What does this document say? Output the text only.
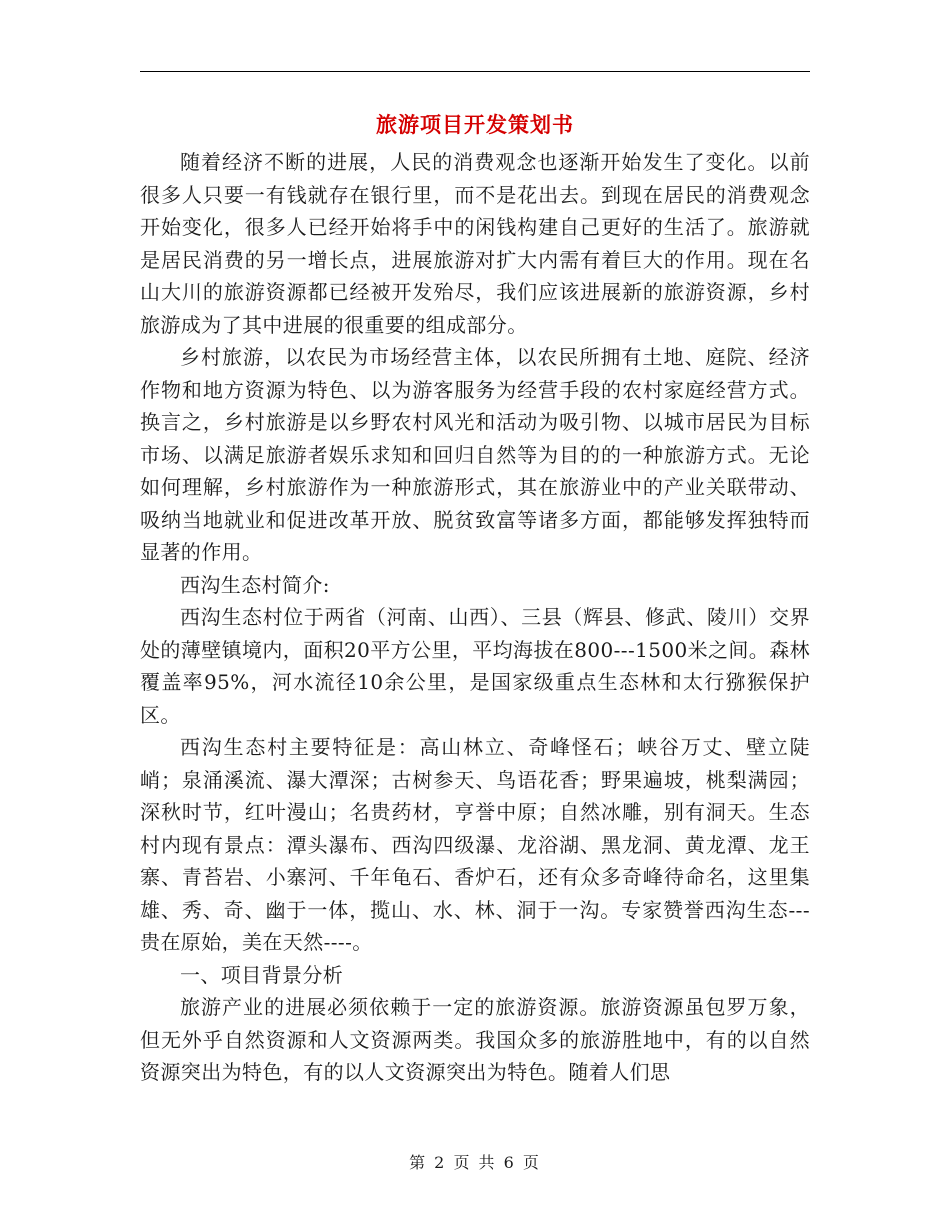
旅游项目开发策划书

随着经济不断的进展，人民的消费观念也逐渐开始发生了变化。以前很多人只要一有钱就存在银行里，而不是花出去。到现在居民的消费观念开始变化，很多人已经开始将手中的闲钱构建自己更好的生活了。旅游就是居民消费的另一增长点，进展旅游对扩大内需有着巨大的作用。现在名山大川的旅游资源都已经被开发殆尽，我们应该进展新的旅游资源，乡村旅游成为了其中进展的很重要的组成部分。

乡村旅游，以农民为市场经营主体，以农民所拥有土地、庭院、经济作物和地方资源为特色、以为游客服务为经营手段的农村家庭经营方式。换言之，乡村旅游是以乡野农村风光和活动为吸引物、以城市居民为目标市场、以满足旅游者娱乐求知和回归自然等为目的的一种旅游方式。无论如何理解，乡村旅游作为一种旅游形式，其在旅游业中的产业关联带动、吸纳当地就业和促进改革开放、脱贫致富等诸多方面，都能够发挥独特而显著的作用。

西沟生态村简介:

西沟生态村位于两省（河南、山西）、三县（辉县、修武、陵川）交界处的薄壁镇境内，面积20平方公里，平均海拔在800---1500米之间。森林覆盖率95%，河水流径10余公里，是国家级重点生态林和太行猕猴保护区。

西沟生态村主要特征是：高山林立、奇峰怪石；峡谷万丈、壁立陡峭；泉涌溪流、瀑大潭深；古树参天、鸟语花香；野果遍坡，桃梨满园；深秋时节，红叶漫山；名贵药材，亨誉中原；自然冰雕，别有洞天。生态村内现有景点：潭头瀑布、西沟四级瀑、龙浴湖、黑龙洞、黄龙潭、龙王寨、青苔岩、小寨河、千年龟石、香炉石，还有众多奇峰待命名，这里集雄、秀、奇、幽于一体，揽山、水、林、洞于一沟。专家赞誉西沟生态---贵在原始，美在天然----。

一、项目背景分析

旅游产业的进展必须依赖于一定的旅游资源。旅游资源虽包罗万象，但无外乎自然资源和人文资源两类。我国众多的旅游胜地中，有的以自然资源突出为特色，有的以人文资源突出为特色。随着人们思

第 2 页 共 6 页
